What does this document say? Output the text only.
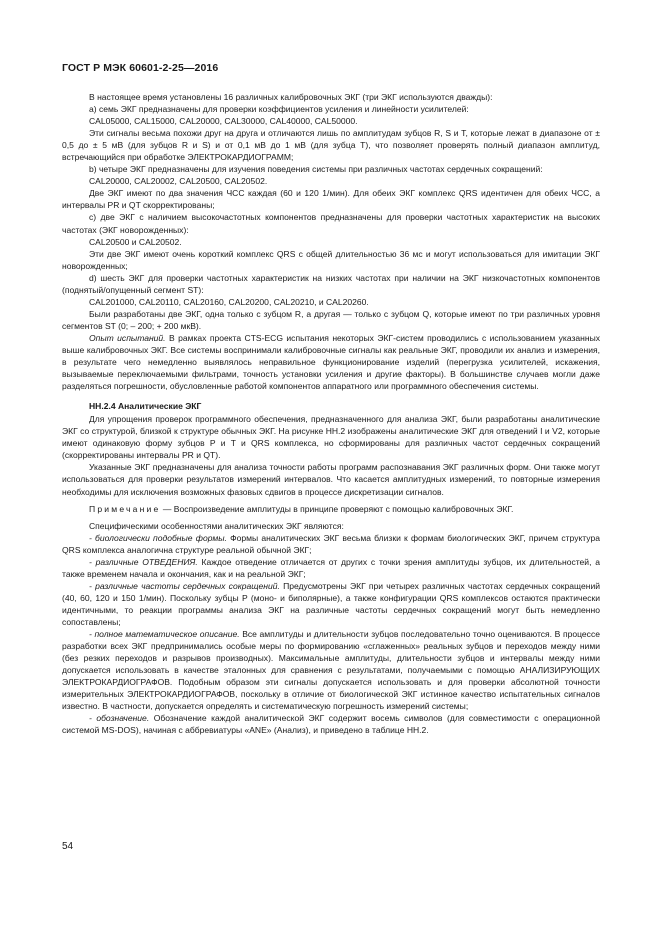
ГОСТ Р МЭК 60601-2-25—2016

В настоящее время установлены 16 различных калибровочных ЭКГ (три ЭКГ используются дважды):

а) семь ЭКГ предназначены для проверки коэффициентов усиления и линейности усилителей:

CAL05000, CAL15000, CAL20000, CAL30000, CAL40000, CAL50000.

Эти сигналы весьма похожи друг на друга и отличаются лишь по амплитудам зубцов R, S и T, которые лежат в диапазоне от ± 0,5 до ± 5 мВ (для зубцов R и S) и от 0,1 мВ до 1 мВ (для зубца T), что позволяет проверять полный диапазон амплитуд, встречающийся при обработке ЭЛЕКТРОКАРДИОГРАММ;

b) четыре ЭКГ предназначены для изучения поведения системы при различных частотах сердечных сокращений:

CAL20000, CAL20002, CAL20500, CAL20502.

Две ЭКГ имеют по два значения ЧСС каждая (60 и 120 1/мин). Для обеих ЭКГ комплекс QRS идентичен для обеих ЧСС, а интервалы PR и QT скорректированы;

c) две ЭКГ с наличием высокочастотных компонентов предназначены для проверки частотных характеристик на высоких частотах (ЭКГ новорожденных):

CAL20500 и CAL20502.

Эти две ЭКГ имеют очень короткий комплекс QRS с общей длительностью 36 мс и могут использоваться для имитации ЭКГ новорожденных;

d) шесть ЭКГ для проверки частотных характеристик на низких частотах при наличии на ЭКГ низкочастотных компонентов (поднятый/опущенный сегмент ST):

CAL201000, CAL20110, CAL20160, CAL20200, CAL20210, и CAL20260.

Были разработаны две ЭКГ, одна только с зубцом R, а другая — только с зубцом Q, которые имеют по три различных уровня сегментов ST (0; – 200; + 200 мкВ).

Опыт испытаний. В рамках проекта CTS-ECG испытания некоторых ЭКГ-систем проводились с использованием указанных выше калибровочных ЭКГ. Все системы воспринимали калибровочные сигналы как реальные ЭКГ, проводили их анализ и измерения, в результате чего немедленно выявлялось неправильное функционирование изделий (перегрузка усилителей, искажения, вызываемые переключаемыми фильтрами, точность установки усиления и другие факторы). В большинстве случаев могли даже разделяться погрешности, обусловленные работой компонентов аппаратного или программного обеспечения системы.

HH.2.4 Аналитические ЭКГ

Для упрощения проверок программного обеспечения, предназначенного для анализа ЭКГ, были разработаны аналитические ЭКГ со структурой, близкой к структуре обычных ЭКГ. На рисунке HH.2 изображены аналитические ЭКГ для отведений I и V2, которые имеют одинаковую форму зубцов P и T и QRS комплекса, но сформированы для различных частот сердечных сокращений (скорректированы интервалы PR и QT).

Указанные ЭКГ предназначены для анализа точности работы программ распознавания ЭКГ различных форм. Они также могут использоваться для проверки результатов измерений интервалов. Что касается амплитудных измерений, то повторные измерения необходимы для исключения возможных фазовых сдвигов в процессе дискретизации сигналов.

Примечание — Воспроизведение амплитуды в принципе проверяют с помощью калибровочных ЭКГ.

Специфическими особенностями аналитических ЭКГ являются:

- биологически подобные формы. Формы аналитических ЭКГ весьма близки к формам биологических ЭКГ, причем структура QRS комплекса аналогична структуре реальной обычной ЭКГ;

- различные ОТВЕДЕНИЯ. Каждое отведение отличается от других с точки зрения амплитуды зубцов, их длительностей, а также временем начала и окончания, как и на реальной ЭКГ;

- различные частоты сердечных сокращений. Предусмотрены ЭКГ при четырех различных частотах сердечных сокращений (40, 60, 120 и 150 1/мин). Поскольку зубцы P (моно- и биполярные), а также конфигурации QRS комплексов остаются практически идентичными, то реакции программы анализа ЭКГ на различные частоты сердечных сокращений могут быть немедленно сопоставлены;

- полное математическое описание. Все амплитуды и длительности зубцов последовательно точно оцениваются. В процессе разработки всех ЭКГ предпринимались особые меры по формированию «сглаженных» реальных зубцов и переходов между ними (без резких переходов и разрывов производных). Максимальные амплитуды, длительности зубцов и интервалы между ними допускается использовать в качестве эталонных для сравнения с результатами, получаемыми с помощью АНАЛИЗИРУЮЩИХ ЭЛЕКТРОКАРДИОГРАФОВ. Подобным образом эти сигналы допускается использовать и для проверки абсолютной точности измерительных ЭЛЕКТРОКАРДИОГРАФОВ, поскольку в отличие от биологической ЭКГ истинное качество испытательных сигналов известно. В частности, допускается определять и систематическую погрешность измерений системы;

- обозначение. Обозначение каждой аналитической ЭКГ содержит восемь символов (для совместимости с операционной системой MS-DOS), начиная с аббревиатуры «ANE» (Анализ), и приведено в таблице HH.2.

54
